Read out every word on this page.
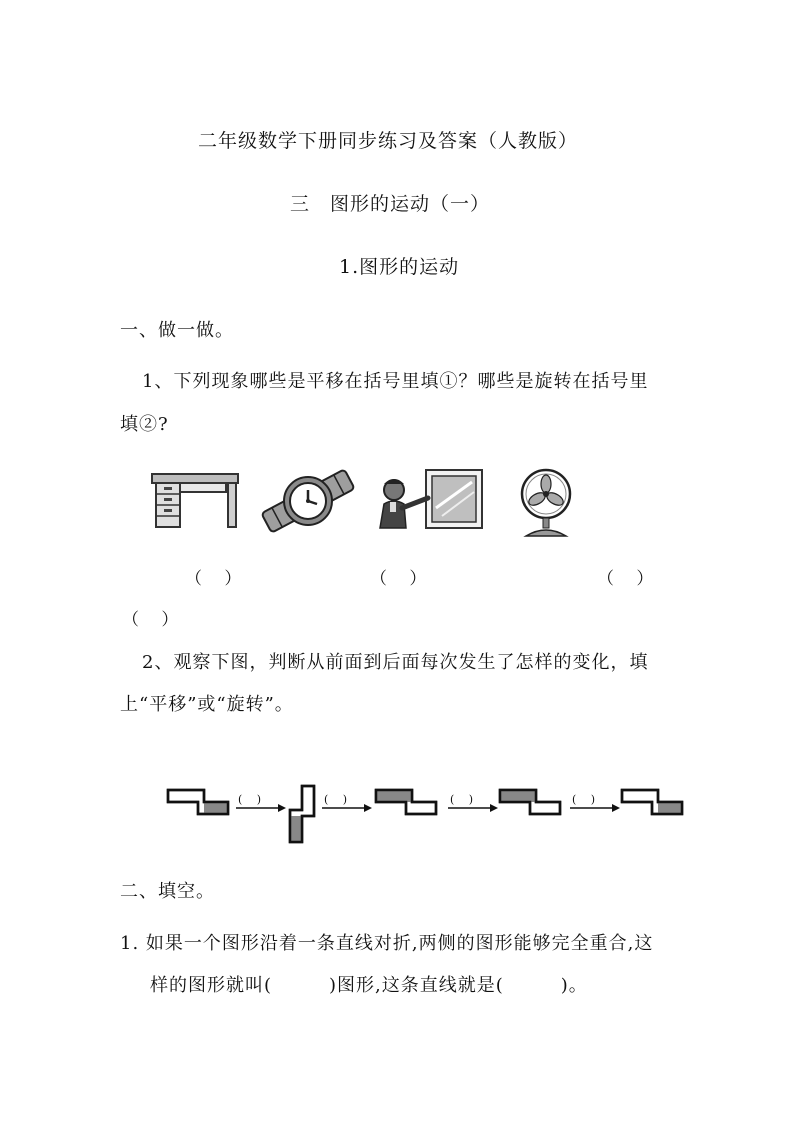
二年级数学下册同步练习及答案（人教版）
三　图形的运动（一）
1.图形的运动
一、做一做。
1、下列现象哪些是平移在括号里填①？哪些是旋转在括号里
填②?
（　 ）	（　 ）	（　 ）
（　 ）
2、观察下图，判断从前面到后面每次发生了怎样的变化，填
上“平移”或“旋转”。
(　 )	(　 )	(　 )	(　 )
二、填空。
1. 如果一个图形沿着一条直线对折,两侧的图形能够完全重合,这
样的图形就叫(　　　)图形,这条直线就是(　　　)。
